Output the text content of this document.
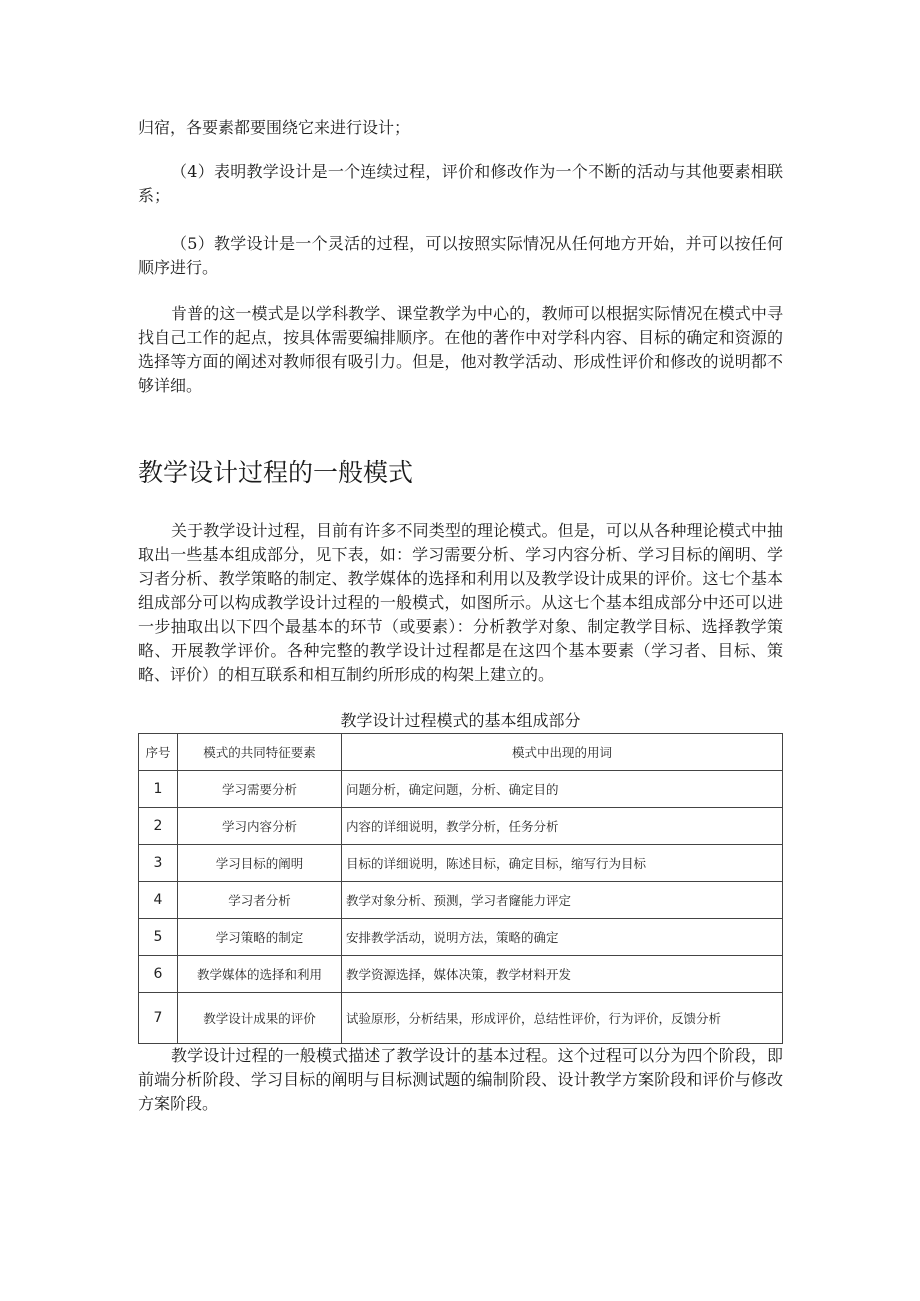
归宿，各要素都要围绕它来进行设计；

（4）表明教学设计是一个连续过程，评价和修改作为一个不断的活动与其他要素相联系；

（5）教学设计是一个灵活的过程，可以按照实际情况从任何地方开始，并可以按任何顺序进行。

肯普的这一模式是以学科教学、课堂教学为中心的，教师可以根据实际情况在模式中寻找自己工作的起点，按具体需要编排顺序。在他的著作中对学科内容、目标的确定和资源的选择等方面的阐述对教师很有吸引力。但是，他对教学活动、形成性评价和修改的说明都不够详细。

教学设计过程的一般模式

关于教学设计过程，目前有许多不同类型的理论模式。但是，可以从各种理论模式中抽取出一些基本组成部分，见下表，如：学习需要分析、学习内容分析、学习目标的阐明、学习者分析、教学策略的制定、教学媒体的选择和利用以及教学设计成果的评价。这七个基本组成部分可以构成教学设计过程的一般模式，如图所示。从这七个基本组成部分中还可以进一步抽取出以下四个最基本的环节（或要素）：分析教学对象、制定教学目标、选择教学策略、开展教学评价。各种完整的教学设计过程都是在这四个基本要素（学习者、目标、策略、评价）的相互联系和相互制约所形成的构架上建立的。

教学设计过程模式的基本组成部分
序号	模式的共同特征要素	模式中出现的用词
1	学习需要分析	问题分析，确定问题，分析、确定目的
2	学习内容分析	内容的详细说明，教学分析，任务分析
3	学习目标的阐明	目标的详细说明，陈述目标，确定目标，缩写行为目标
4	学习者分析	教学对象分析、预测，学习者窿能力评定
5	学习策略的制定	安排教学活动，说明方法，策略的确定
6	教学媒体的选择和利用	教学资源选择，媒体决策，教学材料开发
7	教学设计成果的评价	试验原形，分析结果，形成评价，总结性评价，行为评价，反馈分析

教学设计过程的一般模式描述了教学设计的基本过程。这个过程可以分为四个阶段，即前端分析阶段、学习目标的阐明与目标测试题的编制阶段、设计教学方案阶段和评价与修改方案阶段。
